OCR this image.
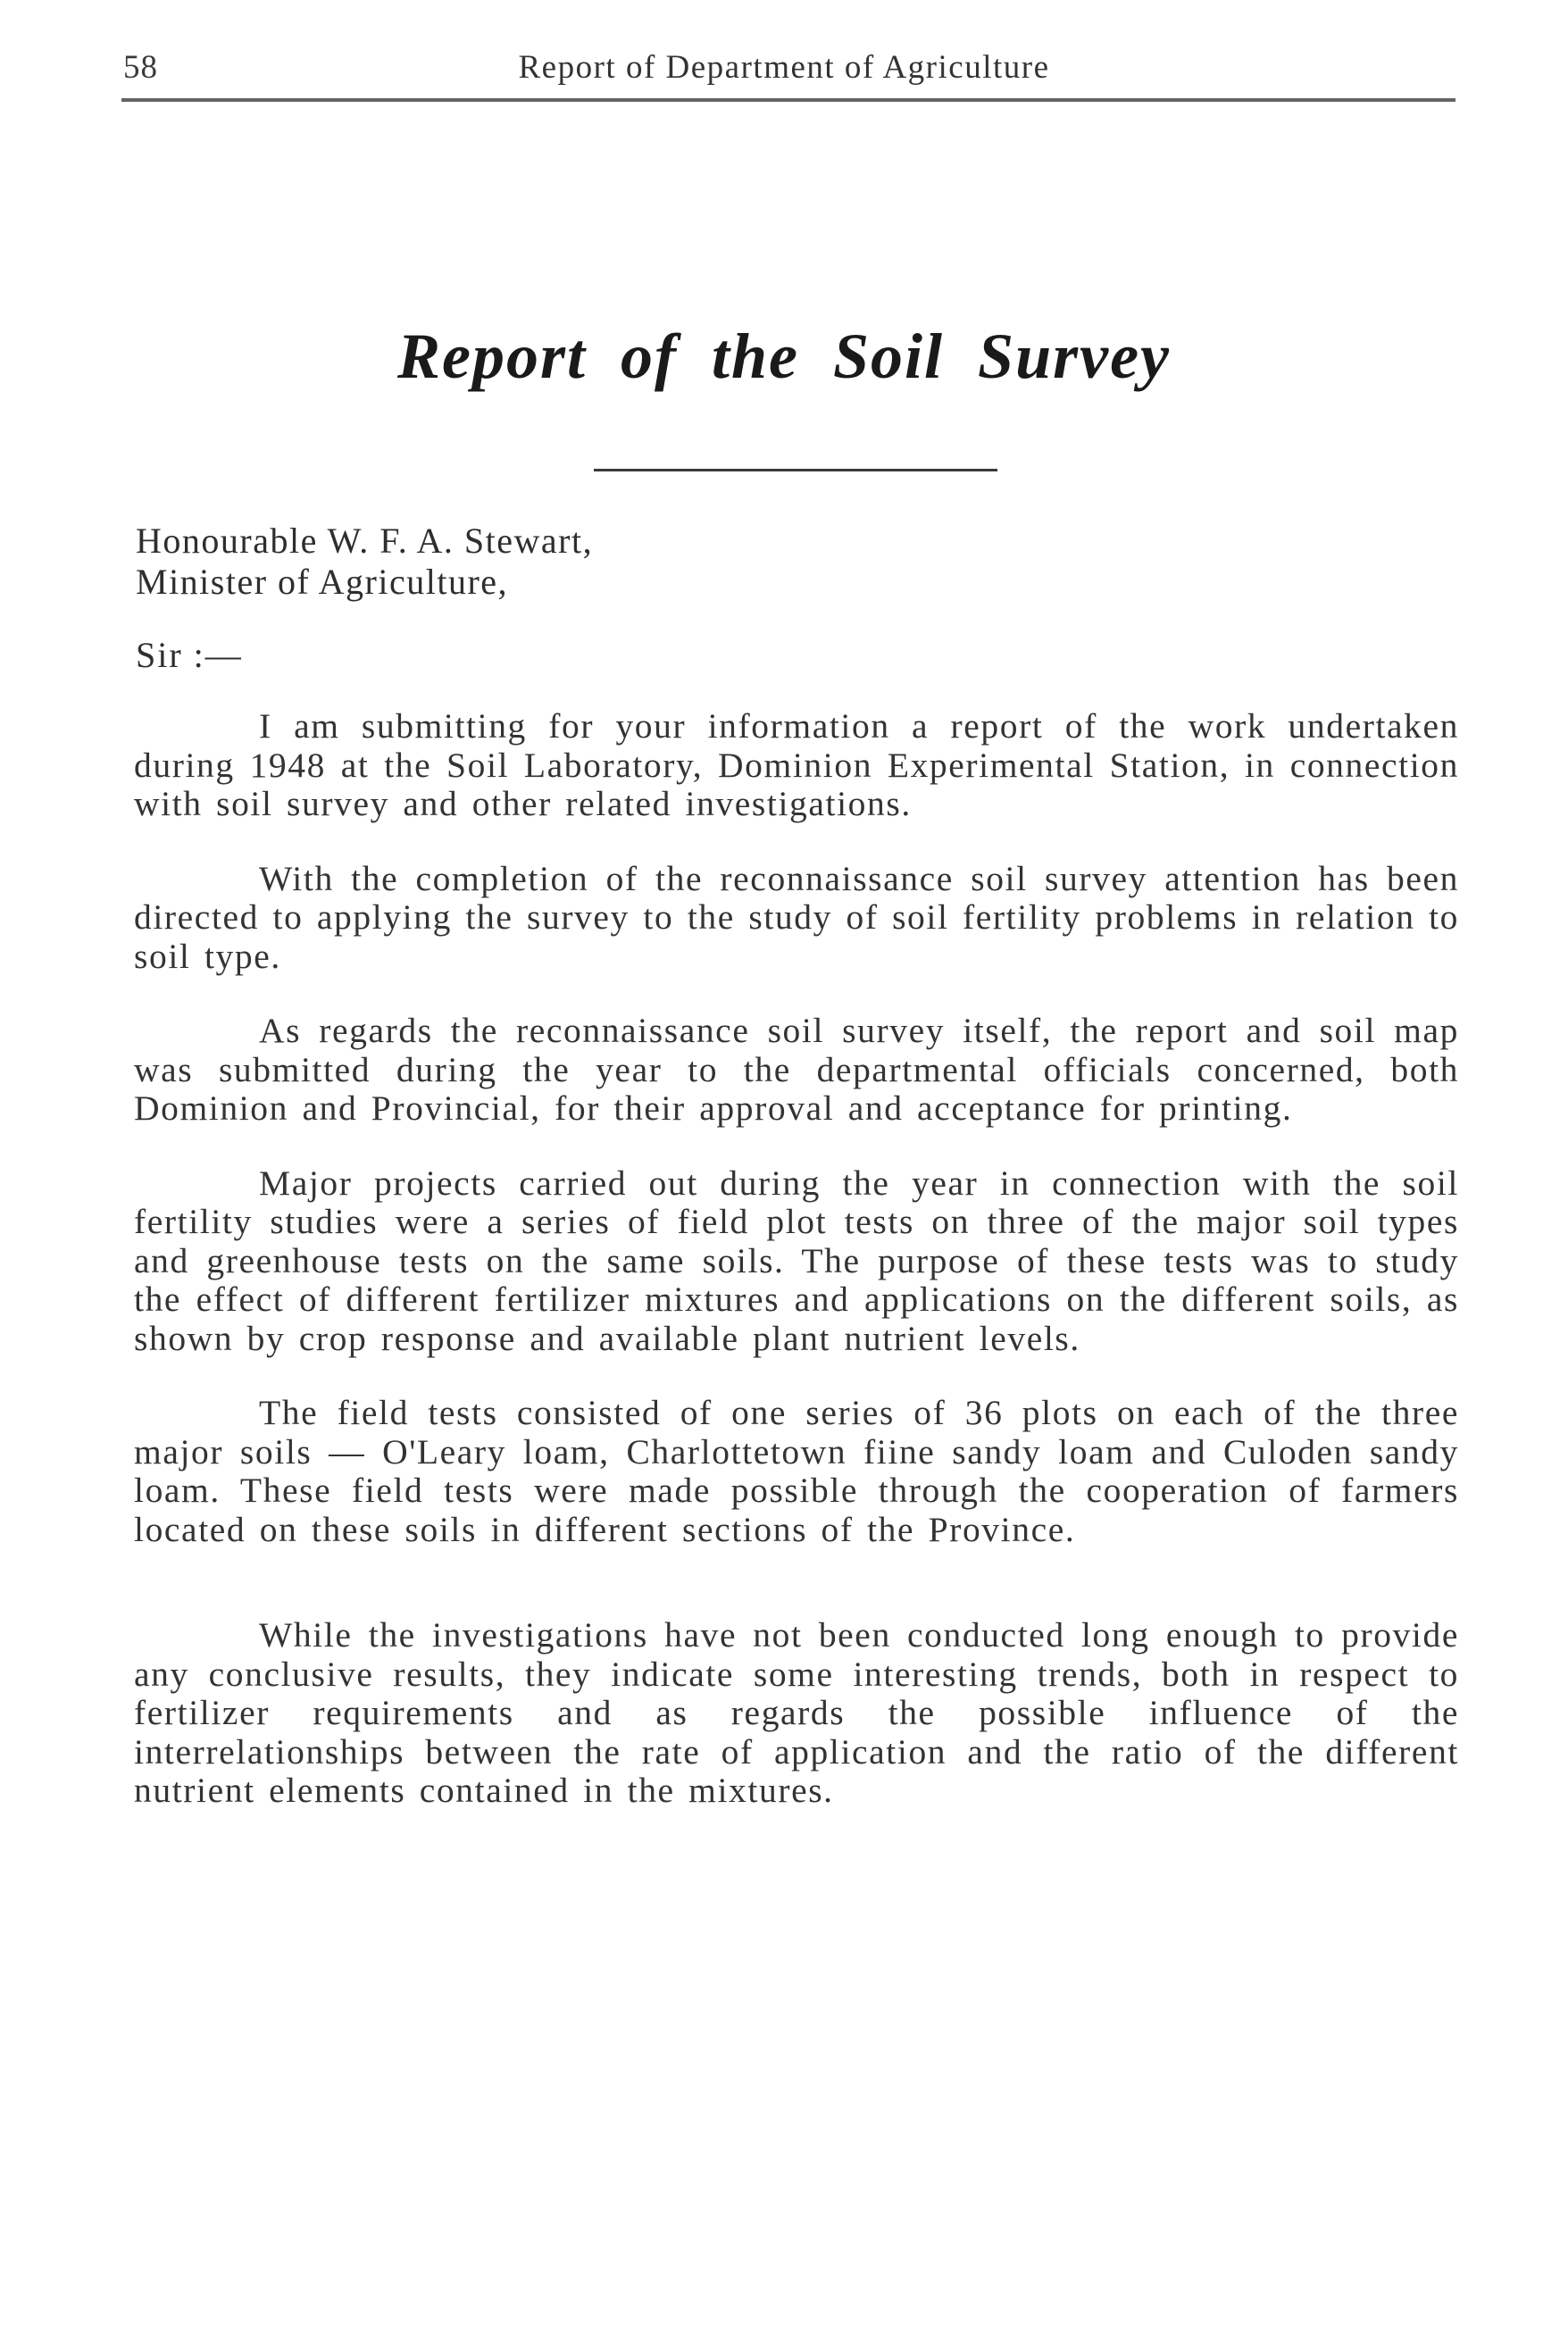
58	Report of Department of Agriculture
Report of the Soil Survey
Honourable W. F. A. Stewart,
Minister of Agriculture,
Sir :—

I am submitting for your information a report of the work undertaken during 1948 at the Soil Laboratory, Dominion Experimental Station, in connection with soil survey and other related investigations.

With the completion of the reconnaissance soil survey attention has been directed to applying the survey to the study of soil fertility problems in relation to soil type.

As regards the reconnaissance soil survey itself, the report and soil map was submitted during the year to the departmental officials concerned, both Dominion and Provincial, for their approval and acceptance for printing.

Major projects carried out during the year in connection with the soil fertility studies were a series of field plot tests on three of the major soil types and greenhouse tests on the same soils. The purpose of these tests was to study the effect of different fertilizer mixtures and applications on the different soils, as shown by crop response and available plant nutrient levels.

The field tests consisted of one series of 36 plots on each of the three major soils — O'Leary loam, Charlottetown fiine sandy loam and Culoden sandy loam. These field tests were made possible through the cooperation of farmers located on these soils in different sections of the Province.

While the investigations have not been conducted long enough to provide any conclusive results, they indicate some interesting trends, both in respect to fertilizer requirements and as regards the possible influence of the interrelationships between the rate of application and the ratio of the different nutrient elements contained in the mixtures.
